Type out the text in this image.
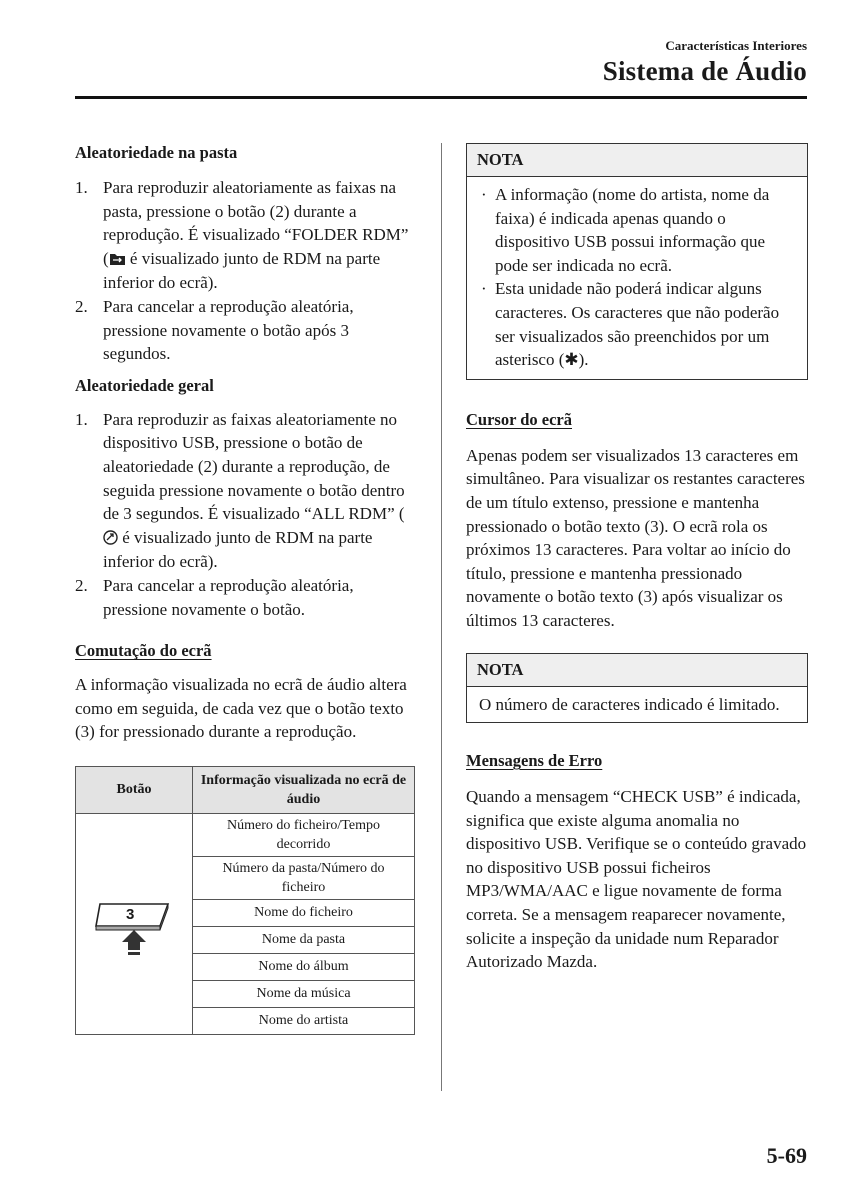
Características Interiores
Sistema de Áudio

Aleatoriedade na pasta

1. Para reproduzir aleatoriamente as faixas na pasta, pressione o botão (2) durante a reprodução. É visualizado “FOLDER RDM” ( é visualizado junto de RDM na parte inferior do ecrã).
2. Para cancelar a reprodução aleatória, pressione novamente o botão após 3 segundos.

Aleatoriedade geral

1. Para reproduzir as faixas aleatoriamente no dispositivo USB, pressione o botão de aleatoriedade (2) durante a reprodução, de seguida pressione novamente o botão dentro de 3 segundos. É visualizado “ALL RDM” ( é visualizado junto de RDM na parte inferior do ecrã).
2. Para cancelar a reprodução aleatória, pressione novamente o botão.

Comutação do ecrã

A informação visualizada no ecrã de áudio altera como em seguida, de cada vez que o botão texto (3) for pressionado durante a reprodução.

Botão	Informação visualizada no ecrã de áudio

3	Número do ficheiro/Tempo decorrido
	Número da pasta/Número do ficheiro
	Nome do ficheiro
	Nome da pasta
	Nome do álbum
	Nome da música
	Nome do artista
NOTA
· A informação (nome do artista, nome da faixa) é indicada apenas quando o dispositivo USB possui informação que pode ser indicada no ecrã.
· Esta unidade não poderá indicar alguns caracteres. Os caracteres que não poderão ser visualizados são preenchidos por um asterisco (✱).

Cursor do ecrã

Apenas podem ser visualizados 13 caracteres em simultâneo. Para visualizar os restantes caracteres de um título extenso, pressione e mantenha pressionado o botão texto (3). O ecrã rola os próximos 13 caracteres. Para voltar ao início do título, pressione e mantenha pressionado novamente o botão texto (3) após visualizar os últimos 13 caracteres.

NOTA
O número de caracteres indicado é limitado.

Mensagens de Erro

Quando a mensagem “CHECK USB” é indicada, significa que existe alguma anomalia no dispositivo USB. Verifique se o conteúdo gravado no dispositivo USB possui ficheiros MP3/WMA/AAC e ligue novamente de forma correta. Se a mensagem reaparecer novamente, solicite a inspeção da unidade num Reparador Autorizado Mazda.

5-69
